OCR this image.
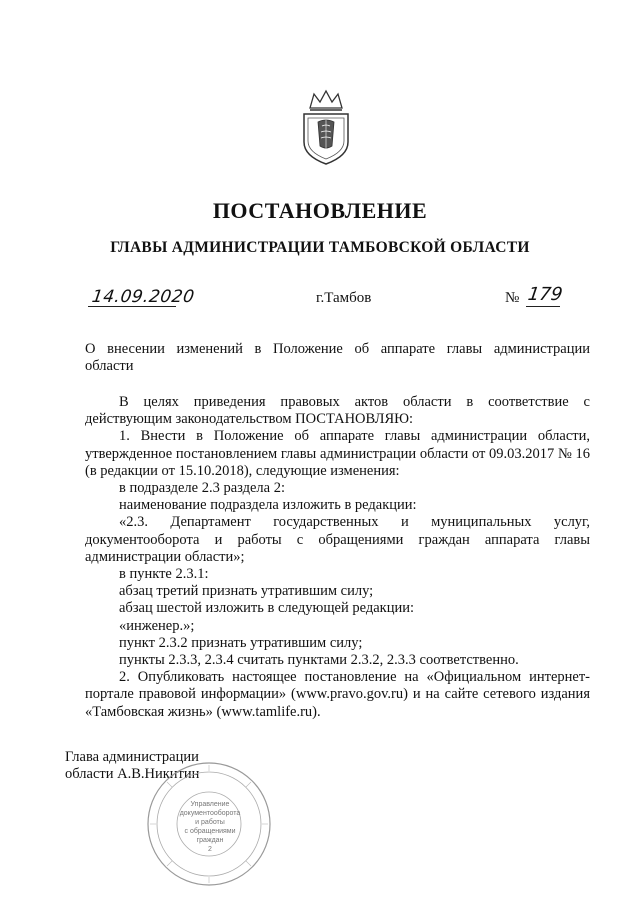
ПОСТАНОВЛЕНИЕ
ГЛАВЫ АДМИНИСТРАЦИИ ТАМБОВСКОЙ ОБЛАСТИ
14.09.2020	г.Тамбов	№ 179
О внесении изменений в Положение об аппарате главы администрации
области

В целях приведения правовых актов области в соответствие с действующим законодательством ПОСТАНОВЛЯЮ:

1. Внести в Положение об аппарате главы администрации области, утвержденное постановлением главы администрации области от 09.03.2017 № 16 (в редакции от 15.10.2018), следующие изменения:

в подразделе 2.3 раздела 2:

наименование подраздела изложить в редакции:

«2.3. Департамент государственных и муниципальных услуг, документооборота и работы с обращениями граждан аппарата главы администрации области»;

в пункте 2.3.1:

абзац третий признать утратившим силу;

абзац шестой изложить в следующей редакции:

«инженер.»;

пункт 2.3.2 признать утратившим силу;

пункты 2.3.3, 2.3.4 считать пунктами 2.3.2, 2.3.3 соответственно.

2. Опубликовать настоящее постановление на «Официальном интернет-портале правовой информации» (www.pravo.gov.ru) и на сайте сетевого издания «Тамбовская жизнь» (www.tamlife.ru).

Глава администрации
области А.В.Никитин
Управление
документооборота
и работы
с обращениями
граждан
2
